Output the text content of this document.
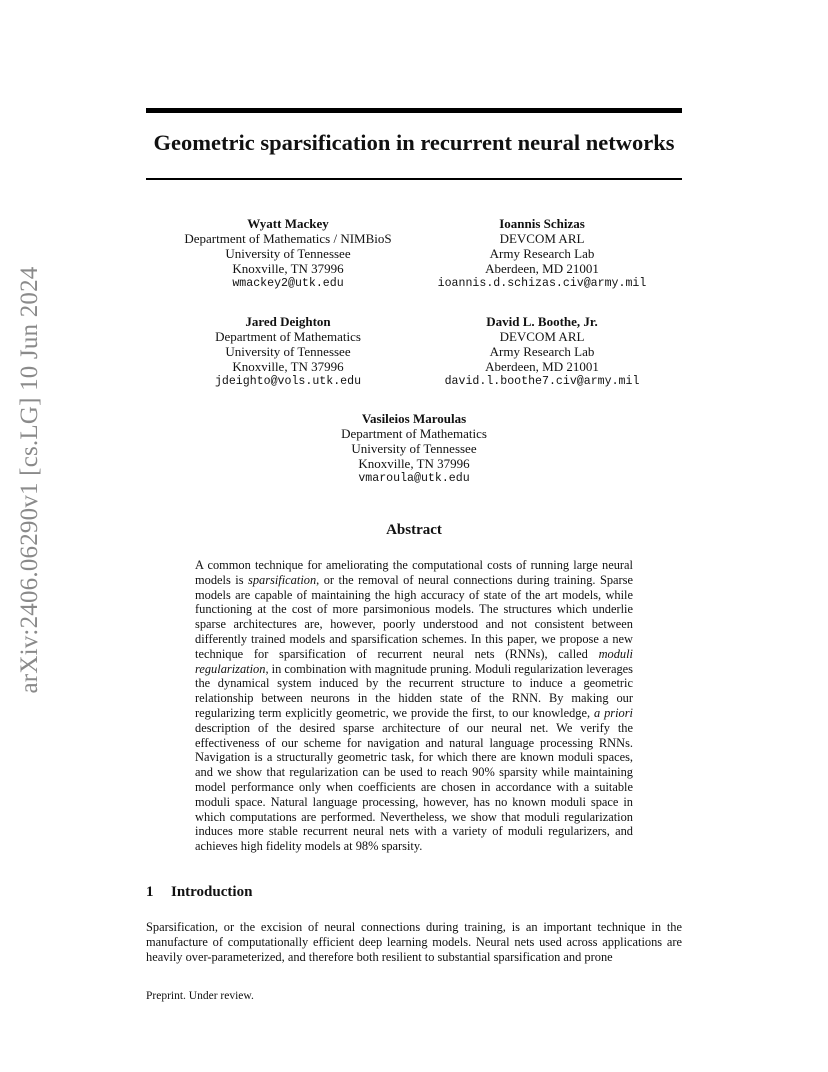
arXiv:2406.06290v1 [cs.LG] 10 Jun 2024
Geometric sparsification in recurrent neural networks
Wyatt Mackey
Department of Mathematics / NIMBioS
University of Tennessee
Knoxville, TN 37996
wmackey2@utk.edu
Ioannis Schizas
DEVCOM ARL
Army Research Lab
Aberdeen, MD 21001
ioannis.d.schizas.civ@army.mil
Jared Deighton
Department of Mathematics
University of Tennessee
Knoxville, TN 37996
jdeighto@vols.utk.edu
David L. Boothe, Jr.
DEVCOM ARL
Army Research Lab
Aberdeen, MD 21001
david.l.boothe7.civ@army.mil
Vasileios Maroulas
Department of Mathematics
University of Tennessee
Knoxville, TN 37996
vmaroula@utk.edu
Abstract

A common technique for ameliorating the computational costs of running large neural models is sparsification, or the removal of neural connections during training. Sparse models are capable of maintaining the high accuracy of state of the art models, while functioning at the cost of more parsimonious models. The structures which underlie sparse architectures are, however, poorly understood and not consistent between differently trained models and sparsification schemes. In this paper, we propose a new technique for sparsification of recurrent neural nets (RNNs), called moduli regularization, in combination with magnitude pruning. Moduli regularization leverages the dynamical system induced by the recurrent structure to induce a geometric relationship between neurons in the hidden state of the RNN. By making our regularizing term explicitly geometric, we provide the first, to our knowledge, a priori description of the desired sparse architecture of our neural net. We verify the effectiveness of our scheme for navigation and natural language processing RNNs. Navigation is a structurally geometric task, for which there are known moduli spaces, and we show that regularization can be used to reach 90% sparsity while maintaining model performance only when coefficients are chosen in accordance with a suitable moduli space. Natural language processing, however, has no known moduli space in which computations are performed. Nevertheless, we show that moduli regularization induces more stable recurrent neural nets with a variety of moduli regularizers, and achieves high fidelity models at 98% sparsity.

1 Introduction

Sparsification, or the excision of neural connections during training, is an important technique in the manufacture of computationally efficient deep learning models. Neural nets used across applications are heavily over-parameterized, and therefore both resilient to substantial sparsification and prone

Preprint. Under review.
